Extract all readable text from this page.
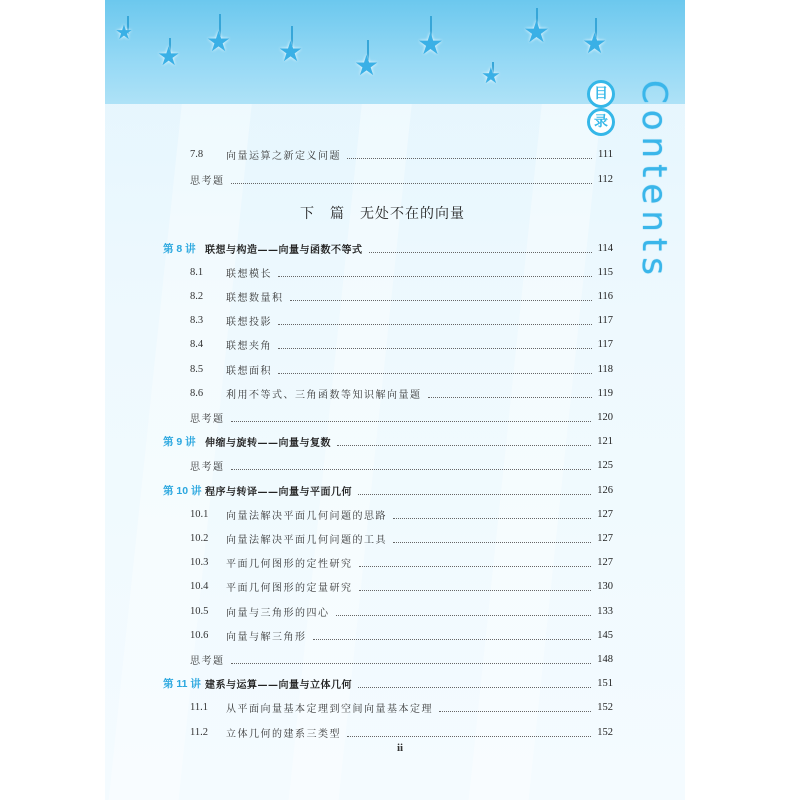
★
★ ★ ★ ★
★
★
★ ★
目
录 Contents
7.8	向量运算之新定义问题	111
思考题	112
下　篇　无处不在的向量
第 8 讲 联想与构造——向量与函数不等式	114
8.1	联想模长	115
8.2	联想数量积	116
8.3	联想投影	117
8.4	联想夹角	117
8.5	联想面积	118
8.6	利用不等式、三角函数等知识解向量题	119
思考题	120
第 9 讲 伸缩与旋转——向量与复数	121
思考题	125
第 10 讲 程序与转译——向量与平面几何	126
10.1	向量法解决平面几何问题的思路	127
10.2	向量法解决平面几何问题的工具	127
10.3	平面几何图形的定性研究	127
10.4	平面几何图形的定量研究	130
10.5	向量与三角形的四心	133
10.6	向量与解三角形	145
思考题	148
第 11 讲 建系与运算——向量与立体几何	151
11.1	从平面向量基本定理到空间向量基本定理	152
11.2	立体几何的建系三类型	152
ii
